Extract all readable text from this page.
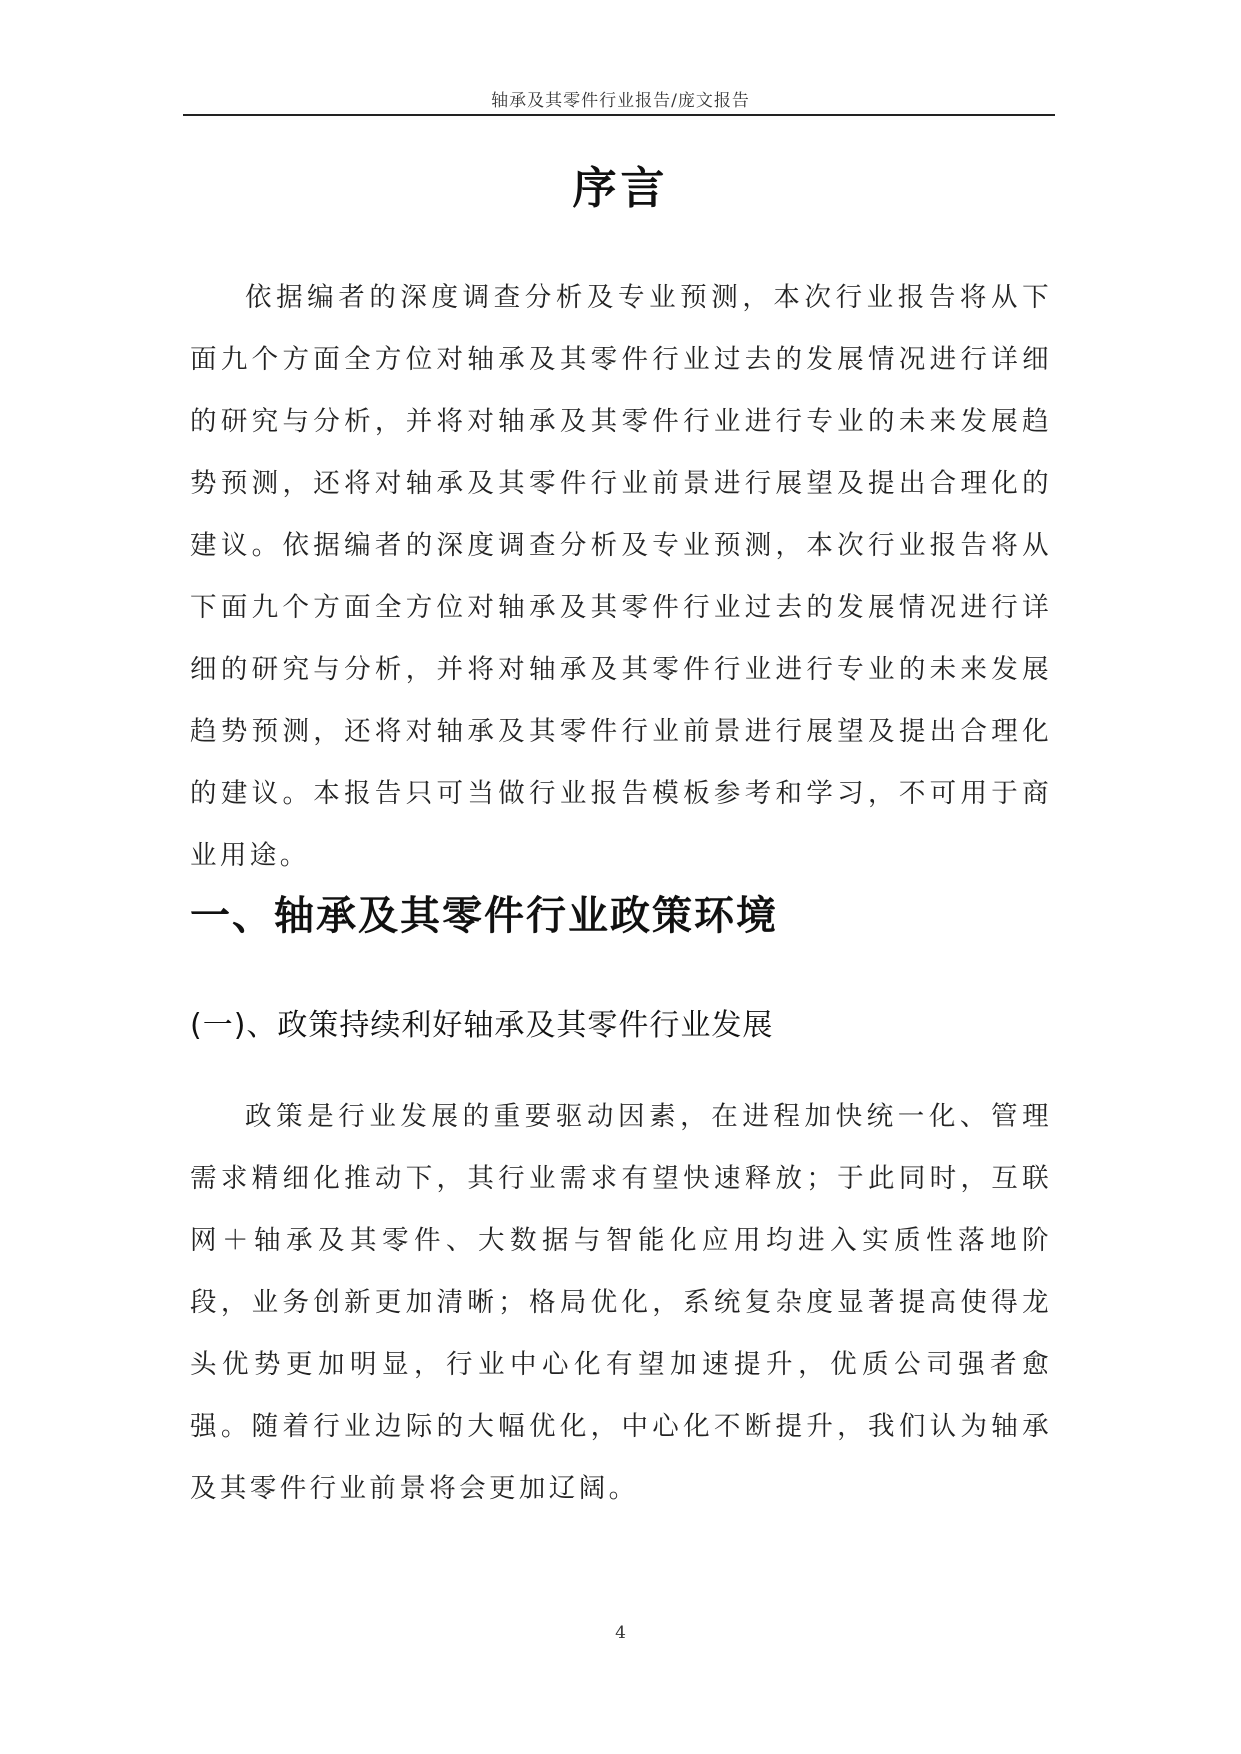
轴承及其零件行业报告/庞文报告
序言
依据编者的深度调查分析及专业预测，本次行业报告将从下面九个方面全方位对轴承及其零件行业过去的发展情况进行详细的研究与分析，并将对轴承及其零件行业进行专业的未来发展趋势预测，还将对轴承及其零件行业前景进行展望及提出合理化的建议。依据编者的深度调查分析及专业预测，本次行业报告将从下面九个方面全方位对轴承及其零件行业过去的发展情况进行详细的研究与分析，并将对轴承及其零件行业进行专业的未来发展趋势预测，还将对轴承及其零件行业前景进行展望及提出合理化的建议。本报告只可当做行业报告模板参考和学习，不可用于商业用途。
一、轴承及其零件行业政策环境
(一)、政策持续利好轴承及其零件行业发展
政策是行业发展的重要驱动因素，在进程加快统一化、管理需求精细化推动下，其行业需求有望快速释放；于此同时，互联网＋轴承及其零件、大数据与智能化应用均进入实质性落地阶段，业务创新更加清晰；格局优化，系统复杂度显著提高使得龙头优势更加明显，行业中心化有望加速提升，优质公司强者愈强。随着行业边际的大幅优化，中心化不断提升，我们认为轴承及其零件行业前景将会更加辽阔。
4
